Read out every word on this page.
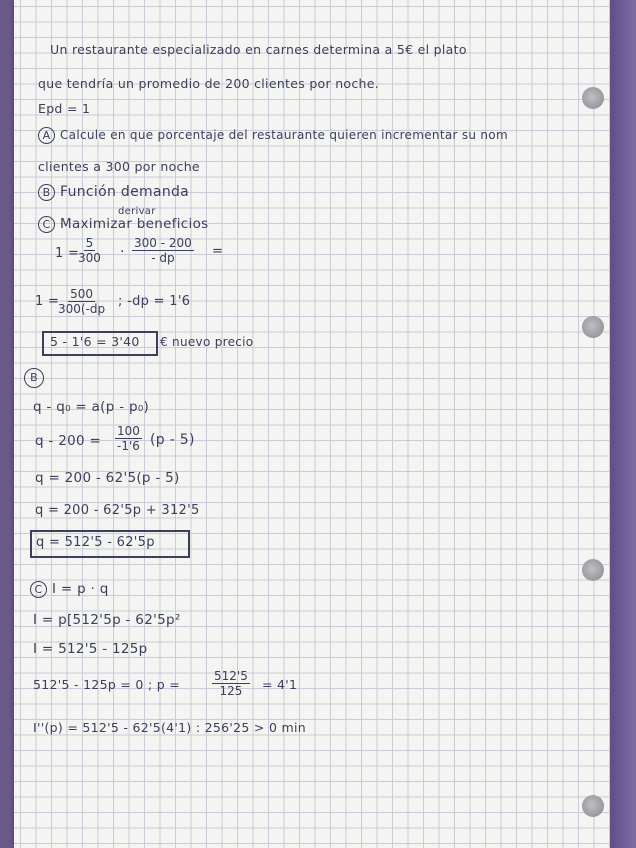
Un restaurante especializado en carnes determina a 5€ el plato
que tendría un promedio de 200 clientes por noche.
Epd = 1
A Calcule en que porcentaje del restaurante quieren incrementar su nom
clientes a 300 por noche
B Función demanda
derivar
C Maximizar beneficios
1 =
$\frac{5}{300} \cdot \frac{300 - 200}{- dp}$ =
1 =
$\frac{500}{300(-dp}$ ; -dp = 1'6
5 - 1'6 = 3'40 € nuevo precio
B
q - q₀ = a(p - p₀)
$q - 200 = \frac{100}{-1'6} (p - 5)$
q = 200 - 62'5(p - 5)
q = 200 - 62'5p + 312'5
q = 512'5 - 62'5p
C I = p · q
I = p[512'5p - 62'5p²
I = 512'5 - 125p
512'5 - 125p = 0 ; p =	$\frac{512'5}{125} = 4'1$
I''(p) = 512'5 - 62'5(4'1) : 256'25 > 0 min
